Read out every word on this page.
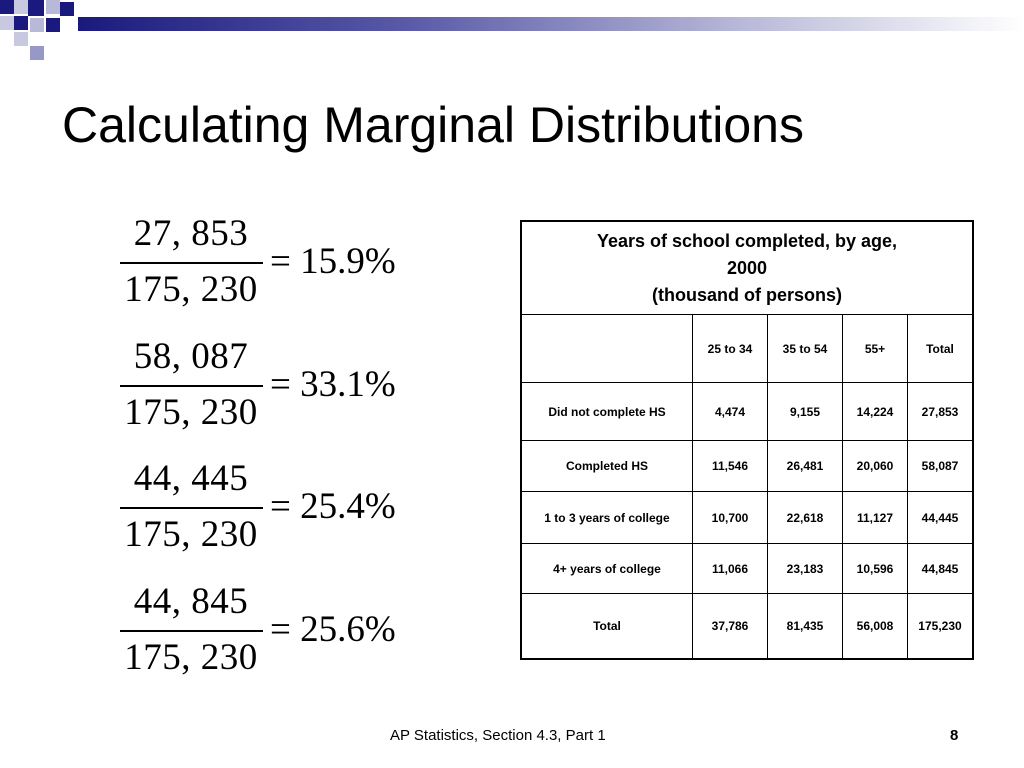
Calculating Marginal Distributions
27, 853
175, 230
= 15.9%
58, 087
175, 230
= 33.1%
44, 445
175, 230
= 25.4%
44, 845
175, 230
= 25.6%
Years of school completed, by age,
2000
(thousand of persons)				
	25 to 34	35 to 54	55+	Total
Did not complete HS	4,474	9,155	14,224	27,853
Completed HS	11,546	26,481	20,060	58,087
1 to 3 years of college	10,700	22,618	11,127	44,445
4+ years of college	11,066	23,183	10,596	44,845
Total	37,786	81,435	56,008	175,230
AP Statistics, Section 4.3, Part 1	8
